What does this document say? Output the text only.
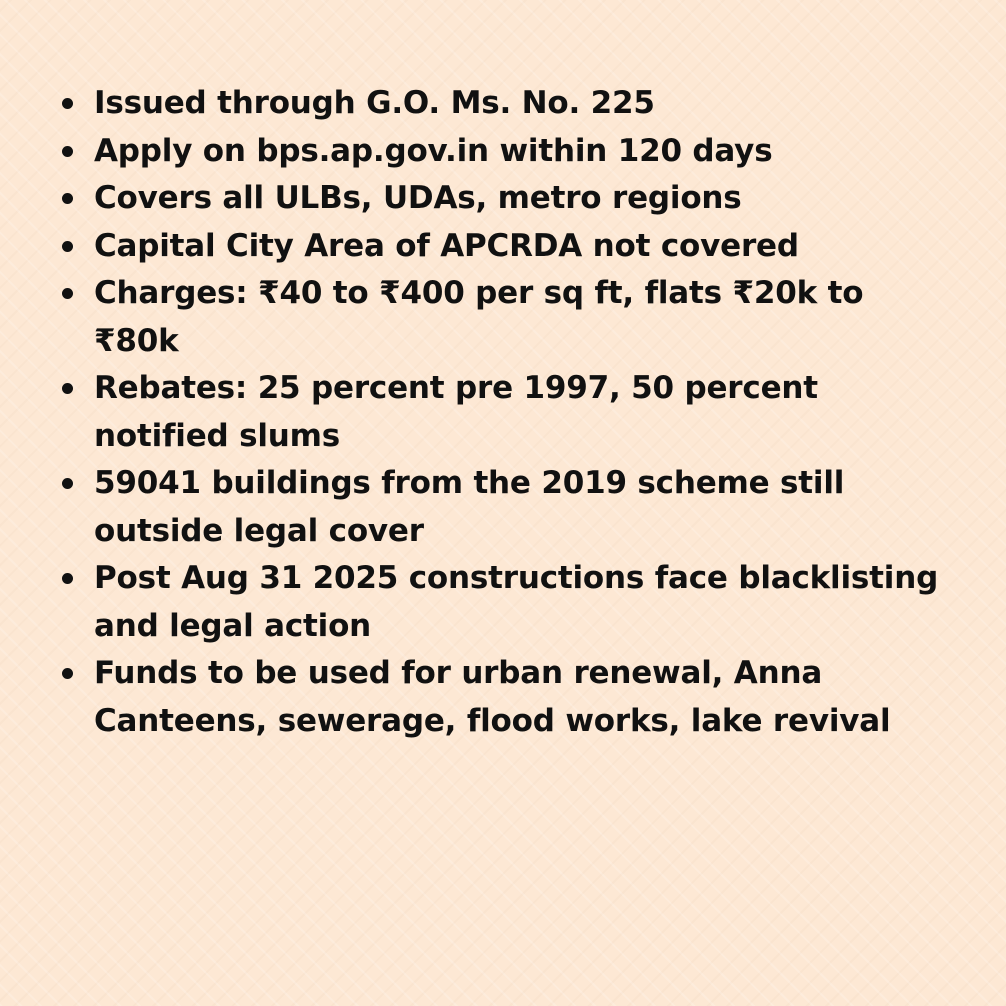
Issued through G.O. Ms. No. 225
Apply on bps.ap.gov.in within 120 days
Covers all ULBs, UDAs, metro regions
Capital City Area of APCRDA not covered
Charges: ₹40 to ₹400 per sq ft, flats ₹20k to ₹80k
Rebates: 25 percent pre 1997, 50 percent notified slums
59041 buildings from the 2019 scheme still outside legal cover
Post Aug 31 2025 constructions face blacklisting and legal action
Funds to be used for urban renewal, Anna Canteens, sewerage, flood works, lake revival
